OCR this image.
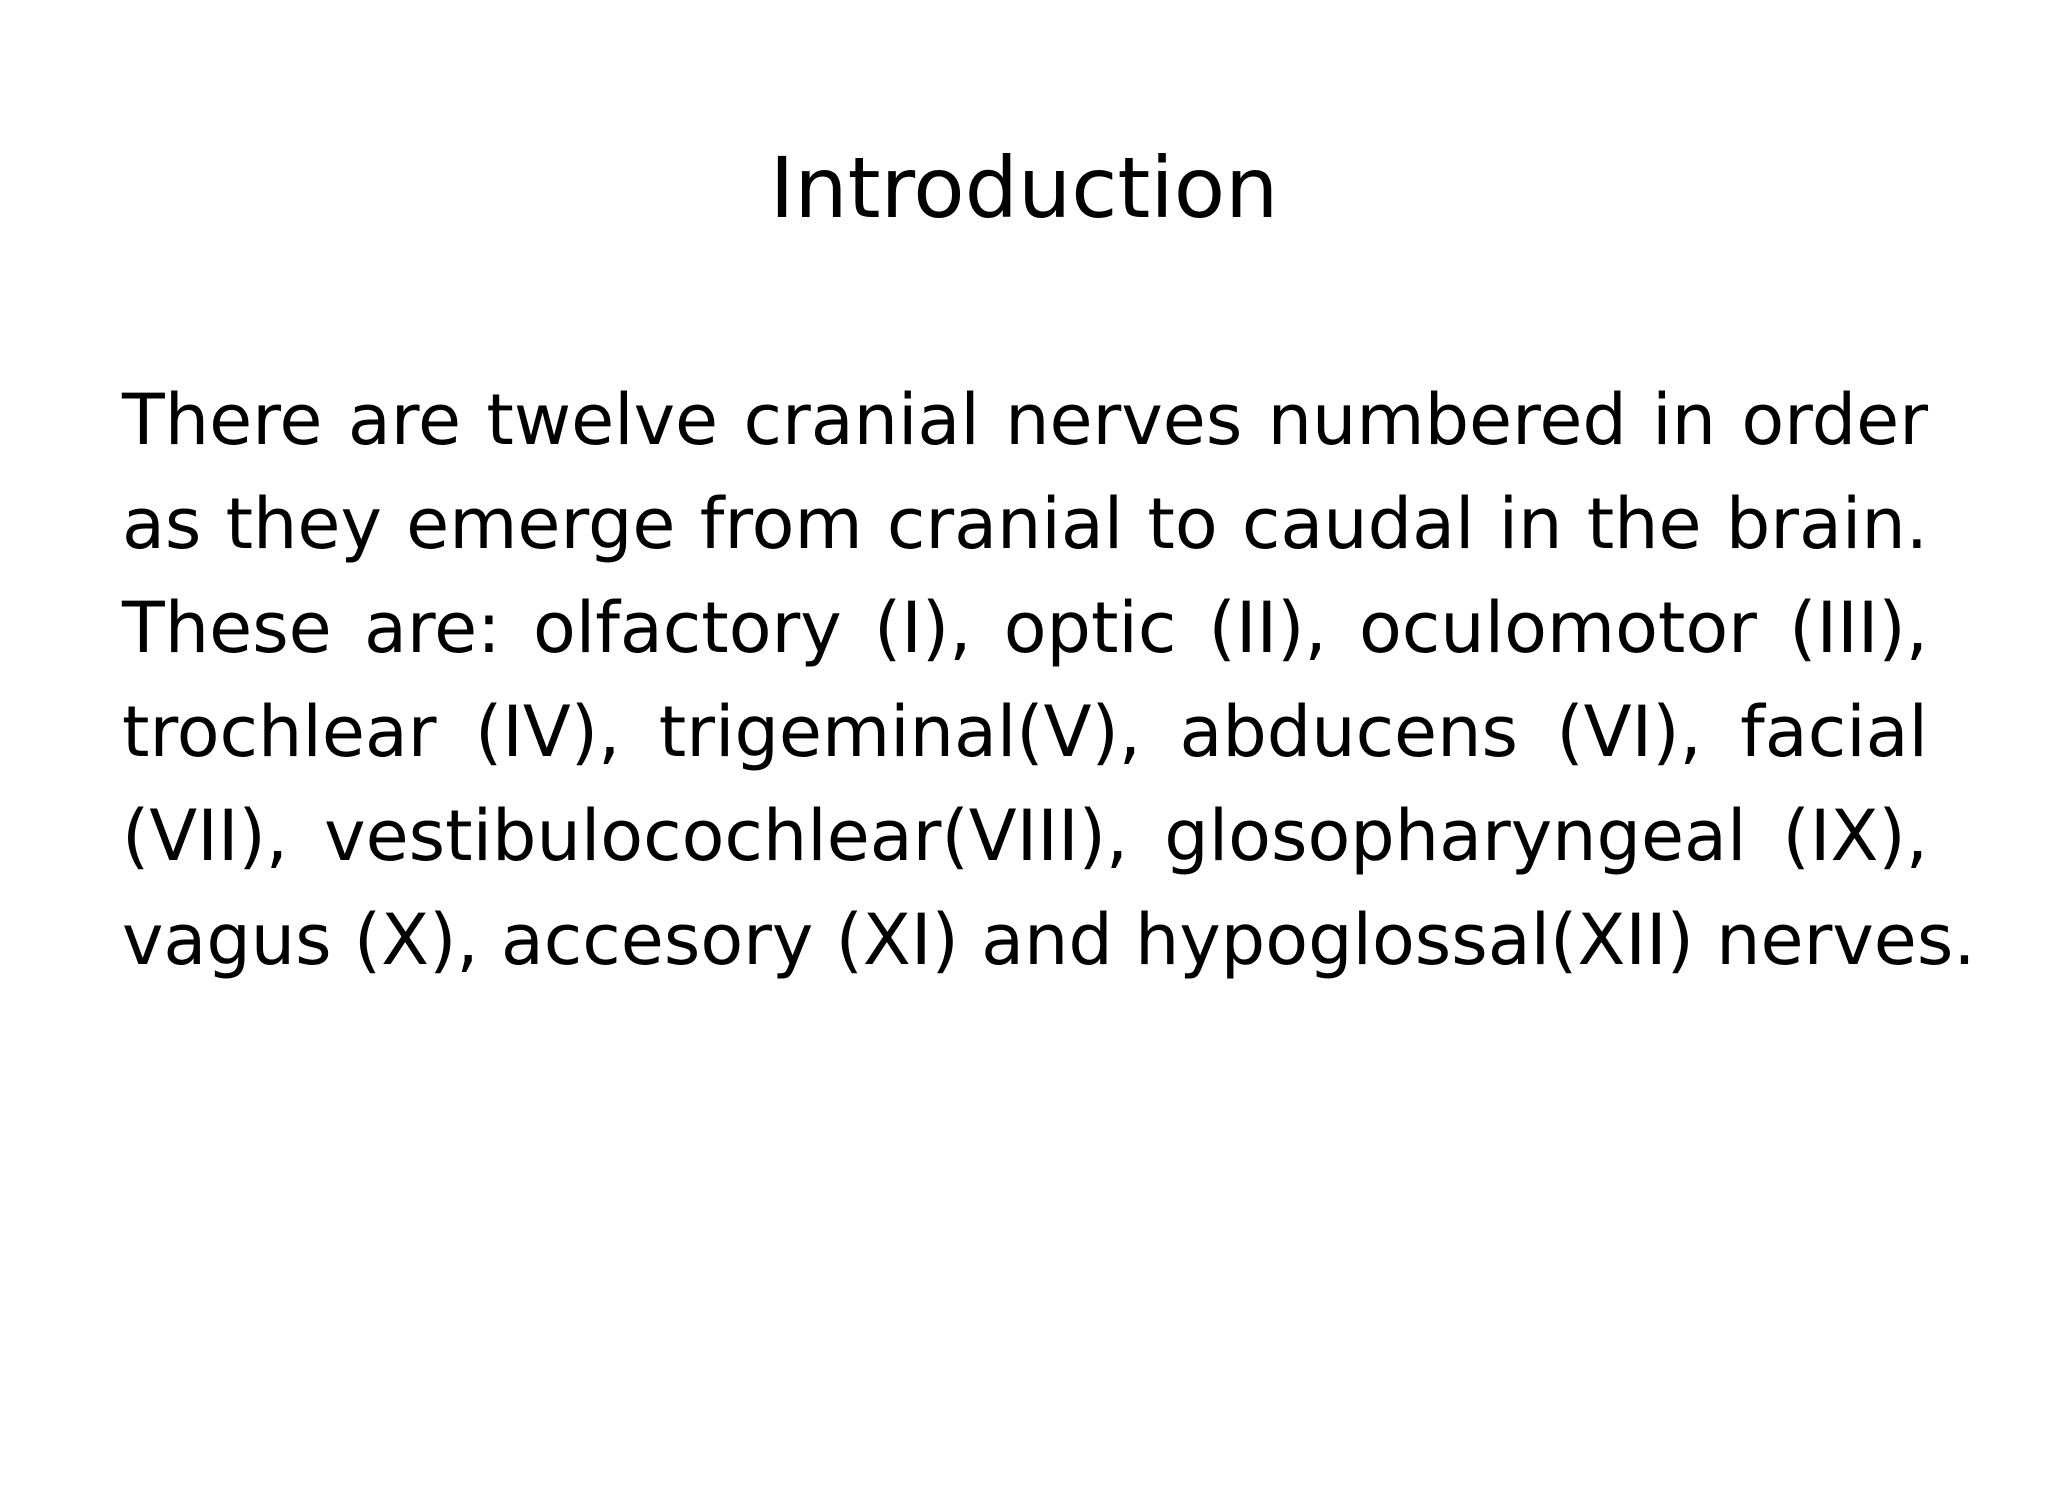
Introduction
There are twelve cranial nerves numbered in order
as they emerge from cranial to caudal in the brain.
These are: olfactory (I), optic (II), oculomotor (III),
trochlear (IV), trigeminal(V), abducens (VI), facial
(VII), vestibulocochlear(VIII), glosopharyngeal (IX),
vagus (X), accesory (XI) and hypoglossal(XII) nerves.
